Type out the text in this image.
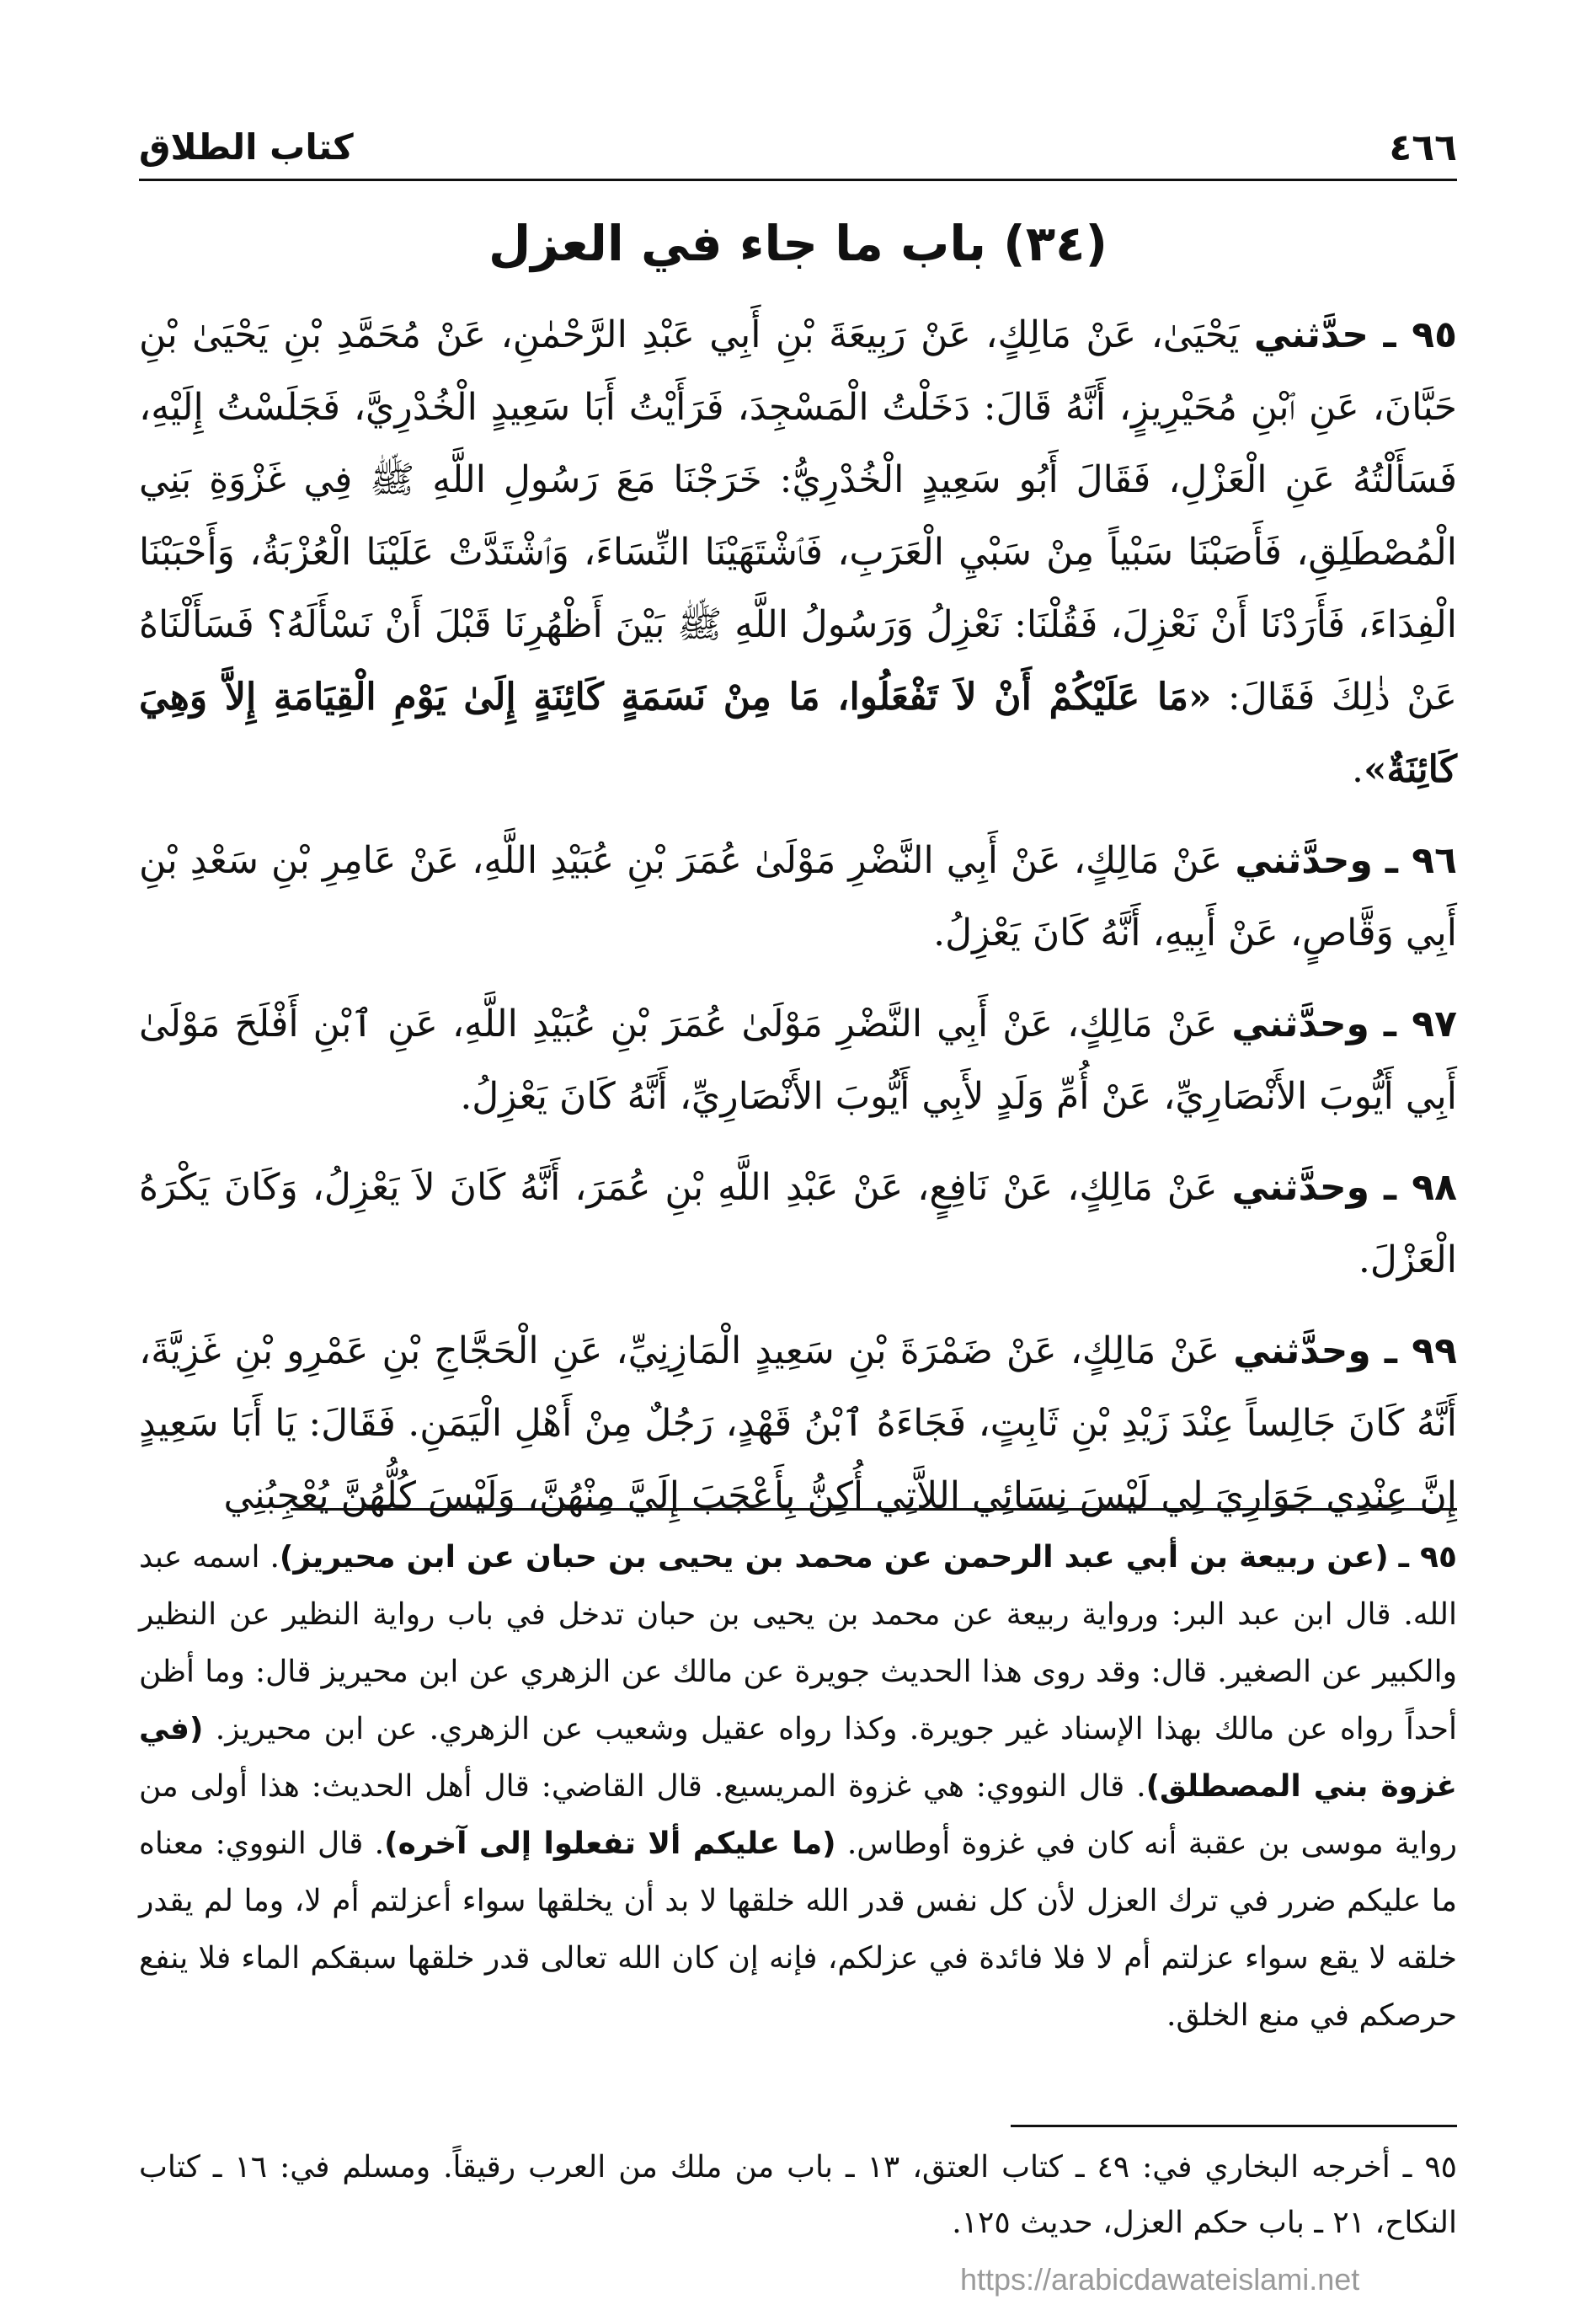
٤٦٦
كتاب الطلاق
(٣٤) باب ما جاء في العزل

٩٥ ـ حدَّثني يَحْيَىٰ، عَنْ مَالِكٍ، عَنْ رَبِيعَةَ بْنِ أَبِي عَبْدِ الرَّحْمٰنِ، عَنْ مُحَمَّدِ بْنِ يَحْيَىٰ بْنِ حَبَّانَ، عَنِ ٱبْنِ مُحَيْرِيزٍ، أَنَّهُ قَالَ: دَخَلْتُ الْمَسْجِدَ، فَرَأَيْتُ أَبَا سَعِيدٍ الْخُدْرِيَّ، فَجَلَسْتُ إِلَيْهِ، فَسَأَلْتُهُ عَنِ الْعَزْلِ، فَقَالَ أَبُو سَعِيدٍ الْخُدْرِيُّ: خَرَجْنَا مَعَ رَسُولِ اللَّهِ ﷺ فِي غَزْوَةِ بَنِي الْمُصْطَلِقِ، فَأَصَبْنَا سَبْياً مِنْ سَبْيِ الْعَرَبِ، فَٱشْتَهَيْنَا النِّسَاءَ، وَٱشْتَدَّتْ عَلَيْنَا الْعُزْبَةُ، وَأَحْبَبْنَا الْفِدَاءَ، فَأَرَدْنَا أَنْ نَعْزِلَ، فَقُلْنَا: نَعْزِلُ وَرَسُولُ اللَّهِ ﷺ بَيْنَ أَظْهُرِنَا قَبْلَ أَنْ نَسْأَلَهُ؟ فَسَأَلْنَاهُ عَنْ ذٰلِكَ فَقَالَ: «مَا عَلَيْكُمْ أَنْ لاَ تَفْعَلُوا، مَا مِنْ نَسَمَةٍ كَائِنَةٍ إِلَىٰ يَوْمِ الْقِيَامَةِ إِلاَّ وَهِيَ كَائِنَةٌ».

٩٦ ـ وحدَّثني عَنْ مَالِكٍ، عَنْ أَبِي النَّضْرِ مَوْلَىٰ عُمَرَ بْنِ عُبَيْدِ اللَّهِ، عَنْ عَامِرِ بْنِ سَعْدِ بْنِ أَبِي وَقَّاصٍ، عَنْ أَبِيهِ، أَنَّهُ كَانَ يَعْزِلُ.

٩٧ ـ وحدَّثني عَنْ مَالِكٍ، عَنْ أَبِي النَّضْرِ مَوْلَىٰ عُمَرَ بْنِ عُبَيْدِ اللَّهِ، عَنِ ٱبْنِ أَفْلَحَ مَوْلَىٰ أَبِي أَيُّوبَ الأَنْصَارِيِّ، عَنْ أُمِّ وَلَدٍ لأَبِي أَيُّوبَ الأَنْصَارِيِّ، أَنَّهُ كَانَ يَعْزِلُ.

٩٨ ـ وحدَّثني عَنْ مَالِكٍ، عَنْ نَافِعٍ، عَنْ عَبْدِ اللَّهِ بْنِ عُمَرَ، أَنَّهُ كَانَ لاَ يَعْزِلُ، وَكَانَ يَكْرَهُ الْعَزْلَ.

٩٩ ـ وحدَّثني عَنْ مَالِكٍ، عَنْ ضَمْرَةَ بْنِ سَعِيدٍ الْمَازِنِيِّ، عَنِ الْحَجَّاجِ بْنِ عَمْرِو بْنِ غَزِيَّةَ، أَنَّهُ كَانَ جَالِساً عِنْدَ زَيْدِ بْنِ ثَابِتٍ، فَجَاءَهُ ٱبْنُ قَهْدٍ، رَجُلٌ مِنْ أَهْلِ الْيَمَنِ. فَقَالَ: يَا أَبَا سَعِيدٍ إِنَّ عِنْدِي جَوَارِيَ لِي لَيْسَ نِسَائِي اللاَّتِي أُكِنُّ بِأَعْجَبَ إِلَيَّ مِنْهُنَّ، وَلَيْسَ كُلُّهُنَّ يُعْجِبُنِي

٩٥ ـ (عن ربيعة بن أبي عبد الرحمن عن محمد بن يحيى بن حبان عن ابن محيريز). اسمه عبد الله. قال ابن عبد البر: ورواية ربيعة عن محمد بن يحيى بن حبان تدخل في باب رواية النظير عن النظير والكبير عن الصغير. قال: وقد روى هذا الحديث جويرة عن مالك عن الزهري عن ابن محيريز قال: وما أظن أحداً رواه عن مالك بهذا الإسناد غير جويرة. وكذا رواه عقيل وشعيب عن الزهري. عن ابن محيريز. (في غزوة بني المصطلق). قال النووي: هي غزوة المريسيع. قال القاضي: قال أهل الحديث: هذا أولى من رواية موسى بن عقبة أنه كان في غزوة أوطاس. (ما عليكم ألا تفعلوا إلى آخره). قال النووي: معناه ما عليكم ضرر في ترك العزل لأن كل نفس قدر الله خلقها لا بد أن يخلقها سواء أعزلتم أم لا، وما لم يقدر خلقه لا يقع سواء عزلتم أم لا فلا فائدة في عزلكم، فإنه إن كان الله تعالى قدر خلقها سبقكم الماء فلا ينفع حرصكم في منع الخلق.
٩٥ ـ أخرجه البخاري في: ٤٩ ـ كتاب العتق، ١٣ ـ باب من ملك من العرب رقيقاً. ومسلم في: ١٦ ـ كتاب النكاح، ٢١ ـ باب حكم العزل، حديث ١٢٥.
https://arabicdawateislami.net
